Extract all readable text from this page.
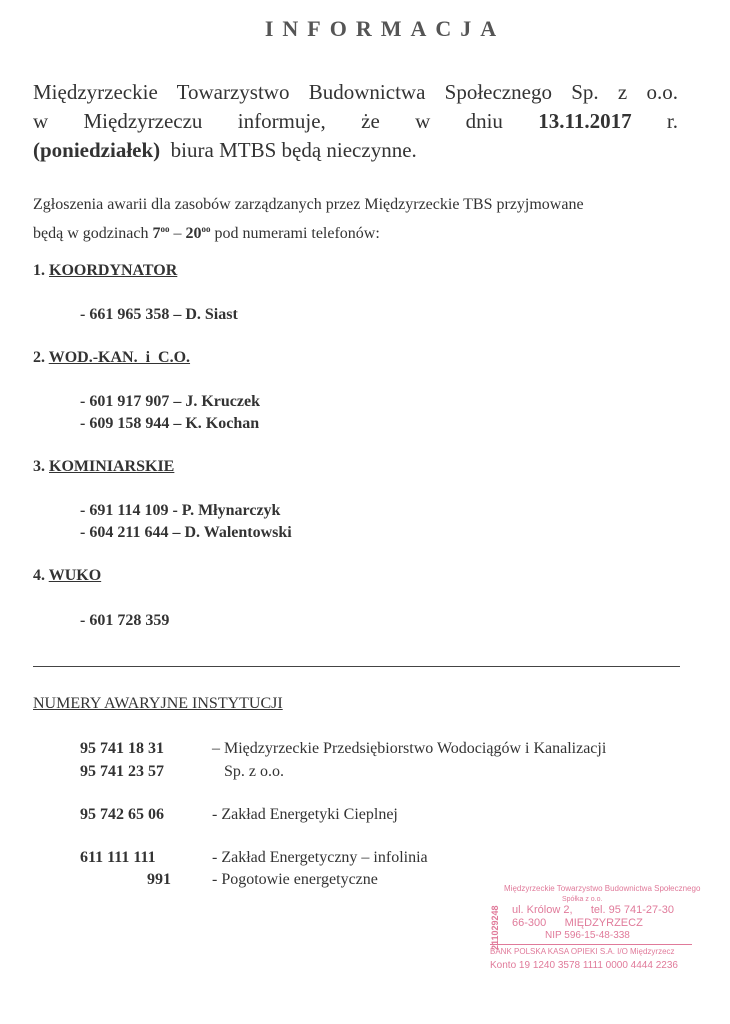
INFORMACJA
Międzyrzeckie Towarzystwo Budownictwa Społecznego Sp. z o.o.
w Międzyrzeczu informuje, że w dniu 13.11.2017 r.
(poniedziałek) biura MTBS będą nieczynne.
Zgłoszenia awarii dla zasobów zarządzanych przez Międzyrzeckie TBS przyjmowane
będą w godzinach $7^{oo} - 20^{oo}$ pod numerami telefonów:
1. KOORDYNATOR
- 661 965 358 – D. Siast
2. WOD.-KAN.  i  C.O.
- 601 917 907 – J. Kruczek
- 609 158 944 – K. Kochan
3. KOMINIARSKIE
- 691 114 109 - P. Młynarczyk
- 604 211 644 – D. Walentowski
4. WUKO
- 601 728 359
NUMERY AWARYJNE INSTYTUCJI
95 741 18 31	– Międzyrzeckie Przedsiębiorstwo Wodociągów i Kanalizacji
95 741 23 57	Sp. z o.o.
95 742 65 06	- Zakład Energetyki Cieplnej
611 111 111	- Zakład Energetyczny – infolinia
991	- Pogotowie energetyczne
211029248
Międzyrzeckie Towarzystwo Budownictwa Społecznego
Spółka z o.o.
ul. Królow 2,      tel. 95 741-27-30
66-300      MIĘDZYRZECZ
NIP 596-15-48-338
BANK POLSKA KASA OPIEKI S.A. I/O Międzyrzecz
Konto 19 1240 3578 1111 0000 4444 2236
